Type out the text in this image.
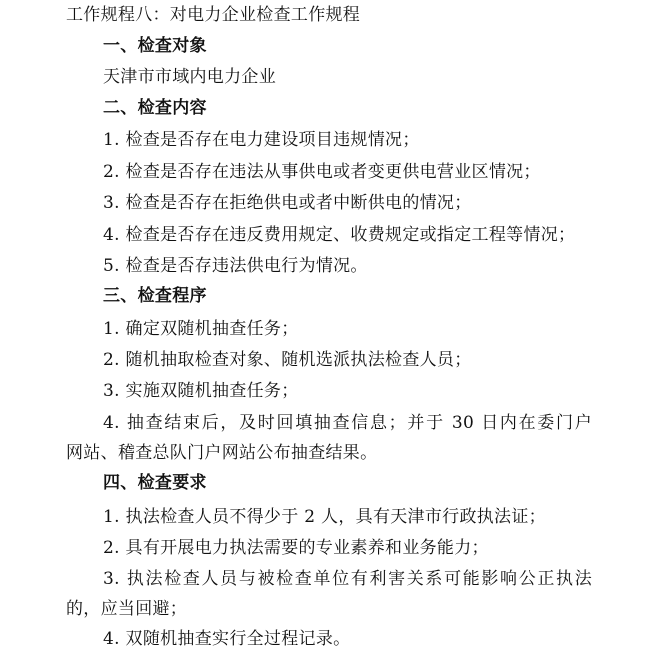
工作规程八：对电力企业检查工作规程
一、检查对象
天津市市域内电力企业
二、检查内容
1. 检查是否存在电力建设项目违规情况；
2. 检查是否存在违法从事供电或者变更供电营业区情况；
3. 检查是否存在拒绝供电或者中断供电的情况；
4. 检查是否存在违反费用规定、收费规定或指定工程等情况；
5. 检查是否存违法供电行为情况。
三、检查程序
1. 确定双随机抽查任务；
2. 随机抽取检查对象、随机选派执法检查人员；
3. 实施双随机抽查任务；
4. 抽查结束后，及时回填抽查信息；并于 30 日内在委门户
网站、稽查总队门户网站公布抽查结果。
四、检查要求
1. 执法检查人员不得少于 2 人，具有天津市行政执法证；
2. 具有开展电力执法需要的专业素养和业务能力；
3. 执法检查人员与被检查单位有利害关系可能影响公正执法
的，应当回避；
4. 双随机抽查实行全过程记录。
